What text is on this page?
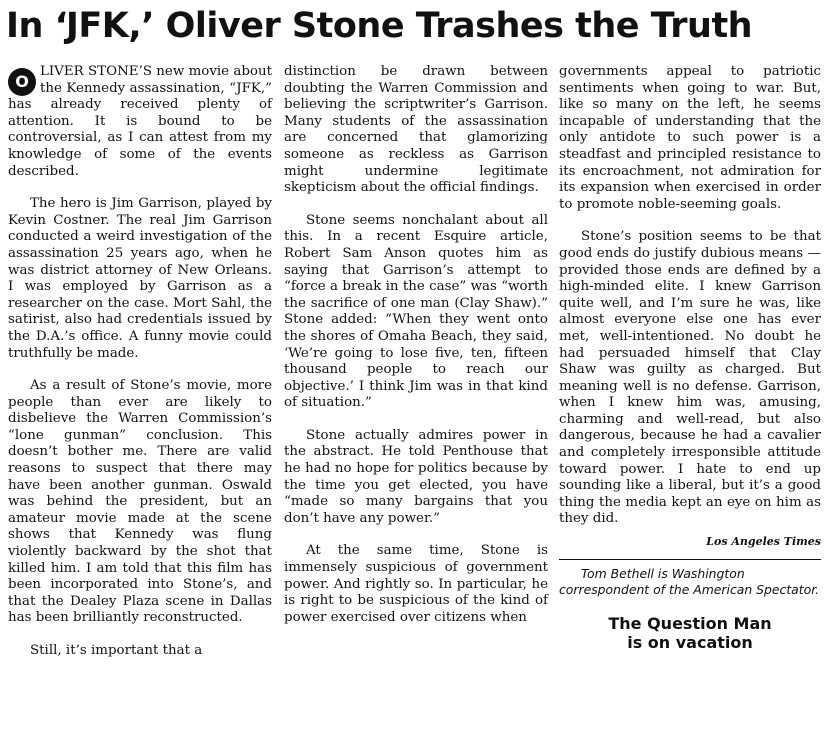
In ‘JFK,’ Oliver Stone Trashes the Truth

O
LIVER STONE’S new movie about the Kennedy assassination, “JFK,” has already received plenty of attention. It is bound to be controversial, as I can attest from my knowledge of some of the events described.

The hero is Jim Garrison, played by Kevin Costner. The real Jim Garrison conducted a weird investigation of the assassination 25 years ago, when he was district attorney of New Orleans. I was employed by Garrison as a researcher on the case. Mort Sahl, the satirist, also had credentials issued by the D.A.’s office. A funny movie could truthfully be made.

As a result of Stone’s movie, more people than ever are likely to disbelieve the Warren Commission’s “lone gunman” conclusion. This doesn’t bother me. There are valid reasons to suspect that there may have been another gunman. Oswald was behind the president, but an amateur movie made at the scene shows that Kennedy was flung violently backward by the shot that killed him. I am told that this film has been incorporated into Stone’s, and that the Dealey Plaza scene in Dallas has been brilliantly reconstructed.

Still, it’s important that a

distinction be drawn between doubting the Warren Commission and believing the scriptwriter’s Garrison. Many students of the assassination are concerned that glamorizing someone as reckless as Garrison might undermine legitimate skepticism about the official findings.

Stone seems nonchalant about all this. In a recent Esquire article, Robert Sam Anson quotes him as saying that Garrison’s attempt to “force a break in the case” was “worth the sacrifice of one man (Clay Shaw).” Stone added: “When they went onto the shores of Omaha Beach, they said, ‘We’re going to lose five, ten, fifteen thousand people to reach our objective.’ I think Jim was in that kind of situation.”

Stone actually admires power in the abstract. He told Penthouse that he had no hope for politics because by the time you get elected, you have “made so many bargains that you don’t have any power.”

At the same time, Stone is immensely suspicious of government power. And rightly so. In particular, he is right to be suspicious of the kind of power exercised over citizens when

governments appeal to patriotic sentiments when going to war. But, like so many on the left, he seems incapable of understanding that the only antidote to such power is a steadfast and principled resistance to its encroachment, not admiration for its expansion when exercised in order to promote noble-seeming goals.

Stone’s position seems to be that good ends do justify dubious means — provided those ends are defined by a high-minded elite. I knew Garrison quite well, and I’m sure he was, like almost everyone else one has ever met, well-intentioned. No doubt he had persuaded himself that Clay Shaw was guilty as charged. But meaning well is no defense. Garrison, when I knew him was, amusing, charming and well-read, but also dangerous, because he had a cavalier and completely irresponsible attitude toward power. I hate to end up sounding like a liberal, but it’s a good thing the media kept an eye on him as they did.

Los Angeles Times

Tom Bethell is Washington correspondent of the American Spectator.

The Question Man
is on vacation
